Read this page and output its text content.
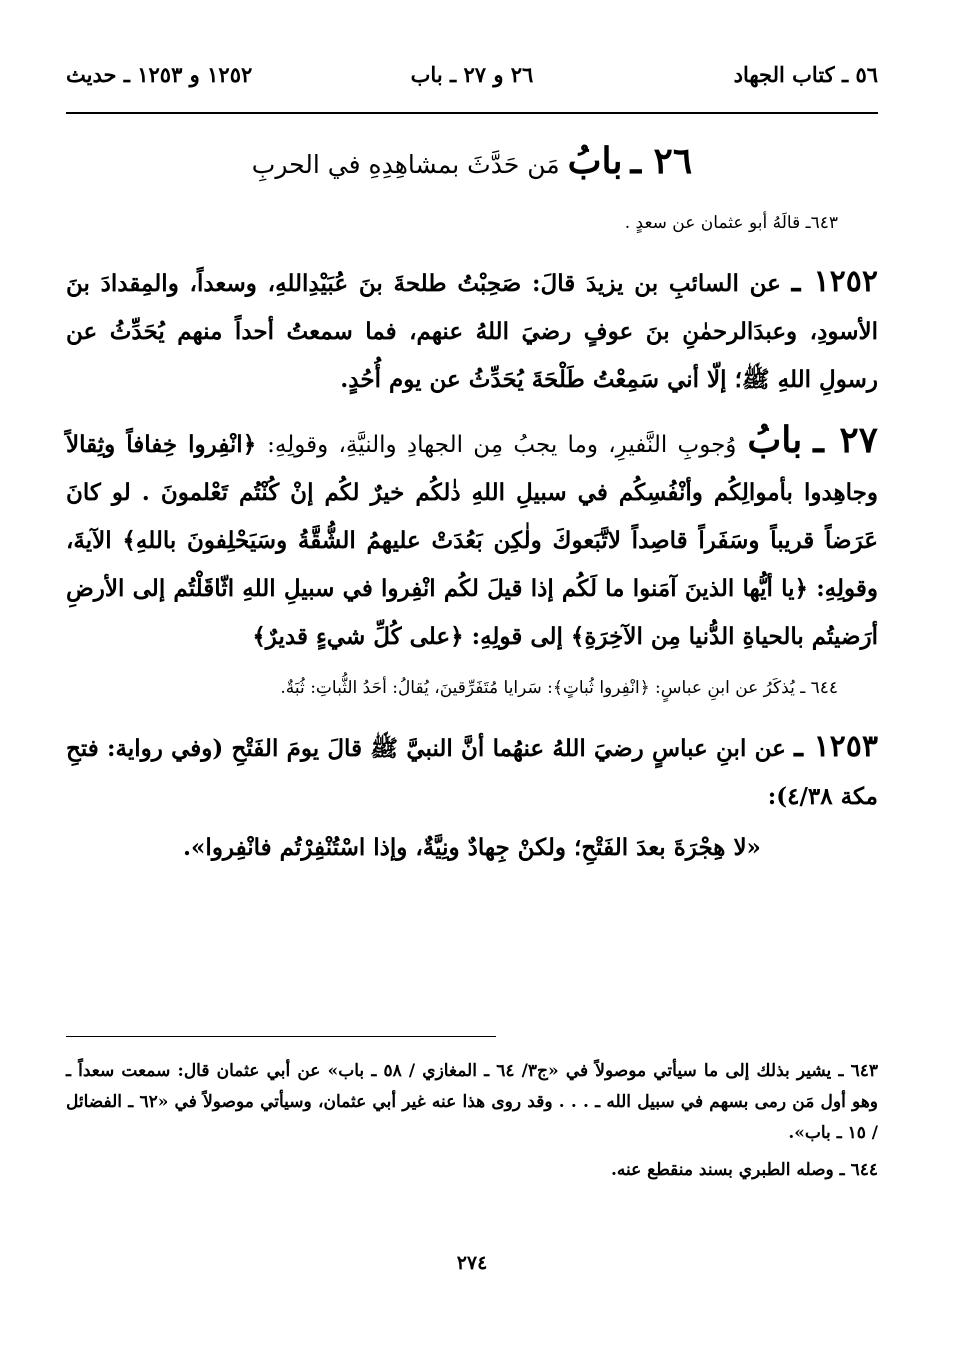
٥٦ ـ كتاب الجهاد
٢٦ و ٢٧ ـ باب
١٢٥٢ و ١٢٥٣ ـ حديث
٢٦ ـ بابُ مَن حَدَّثَ بمشاهِدِهِ في الحربِ
٦٤٣ـ قالَهُ أبو عثمان عن سعدٍ .
١٢٥٢ ـ عن السائبِ بن يزيدَ قالَ: صَحِبْتُ طلحةَ بنَ عُبَيْدِاللهِ، وسعداً، والمِقدادَ بنَ الأسودِ، وعبدَالرحمٰنِ بنَ عوفٍ رضيَ اللهُ عنهم، فما سمعتُ أحداً منهم يُحَدِّثُ عن رسولِ اللهِ ﷺ؛ إلّا أني سَمِعْتُ طَلْحَةَ يُحَدِّثُ عن يوم أُحُدٍ.
٢٧ ـ بابُ وُجوبِ النَّفيرِ، وما يجبُ مِن الجهادِ والنيَّةِ، وقولِهِ: ﴿انْفِروا خِفافاً وثِقالاً وجاهِدوا بأموالِكُم وأنْفُسِكُم في سبيلِ اللهِ ذٰلكُم خيرٌ لكُم إنْ كُنْتُم تَعْلمونَ . لو كانَ عَرَضاً قريباً وسَفَراً قاصِداً لاتَّبَعوكَ ولٰكِن بَعُدَتْ عليهمُ الشُّقَّةُ وسَيَحْلِفونَ باللهِ﴾ الآيةَ، وقولِهِ: ﴿يا أيُّها الذينَ آمَنوا ما لَكُم إذا قيلَ لكُم انْفِروا في سبيلِ اللهِ اثّاقَلْتُم إلى الأرضِ أرَضيتُم بالحياةِ الدُّنيا مِن الآخِرَةِ﴾ إلى قولِهِ: ﴿على كُلِّ شيءٍ قديرٌ﴾
٦٤٤ ـ يُذكَرُ عن ابنِ عباسٍ: ﴿انْفِروا ثُباتٍ﴾: سَرايا مُتَفَرِّقينَ، يُقالُ: أحَدُ الثُّباتِ: ثُبَةٌ.
١٢٥٣ ـ عن ابنِ عباسٍ رضيَ اللهُ عنهُما أنَّ النبيَّ ﷺ قالَ يومَ الفَتْحِ (وفي رواية: فتحِ مكة ٤/٣٨):
«لا هِجْرَةَ بعدَ الفَتْحِ؛ ولكنْ جِهادٌ ونِيَّةٌ، وإذا اسْتُنْفِرْتُم فانْفِروا».

٦٤٣ ـ يشير بذلك إلى ما سيأتي موصولاً في «ج٣/ ٦٤ ـ المغازي / ٥٨ ـ باب» عن أبي عثمان قال: سمعت سعداً ـ وهو أول مَن رمى بسهم في سبيل الله ـ . . . وقد روى هذا عنه غير أبي عثمان، وسيأتي موصولاً في «٦٢ ـ الفضائل / ١٥ ـ باب».

٦٤٤ ـ وصله الطبري بسند منقطع عنه.

٢٧٤
